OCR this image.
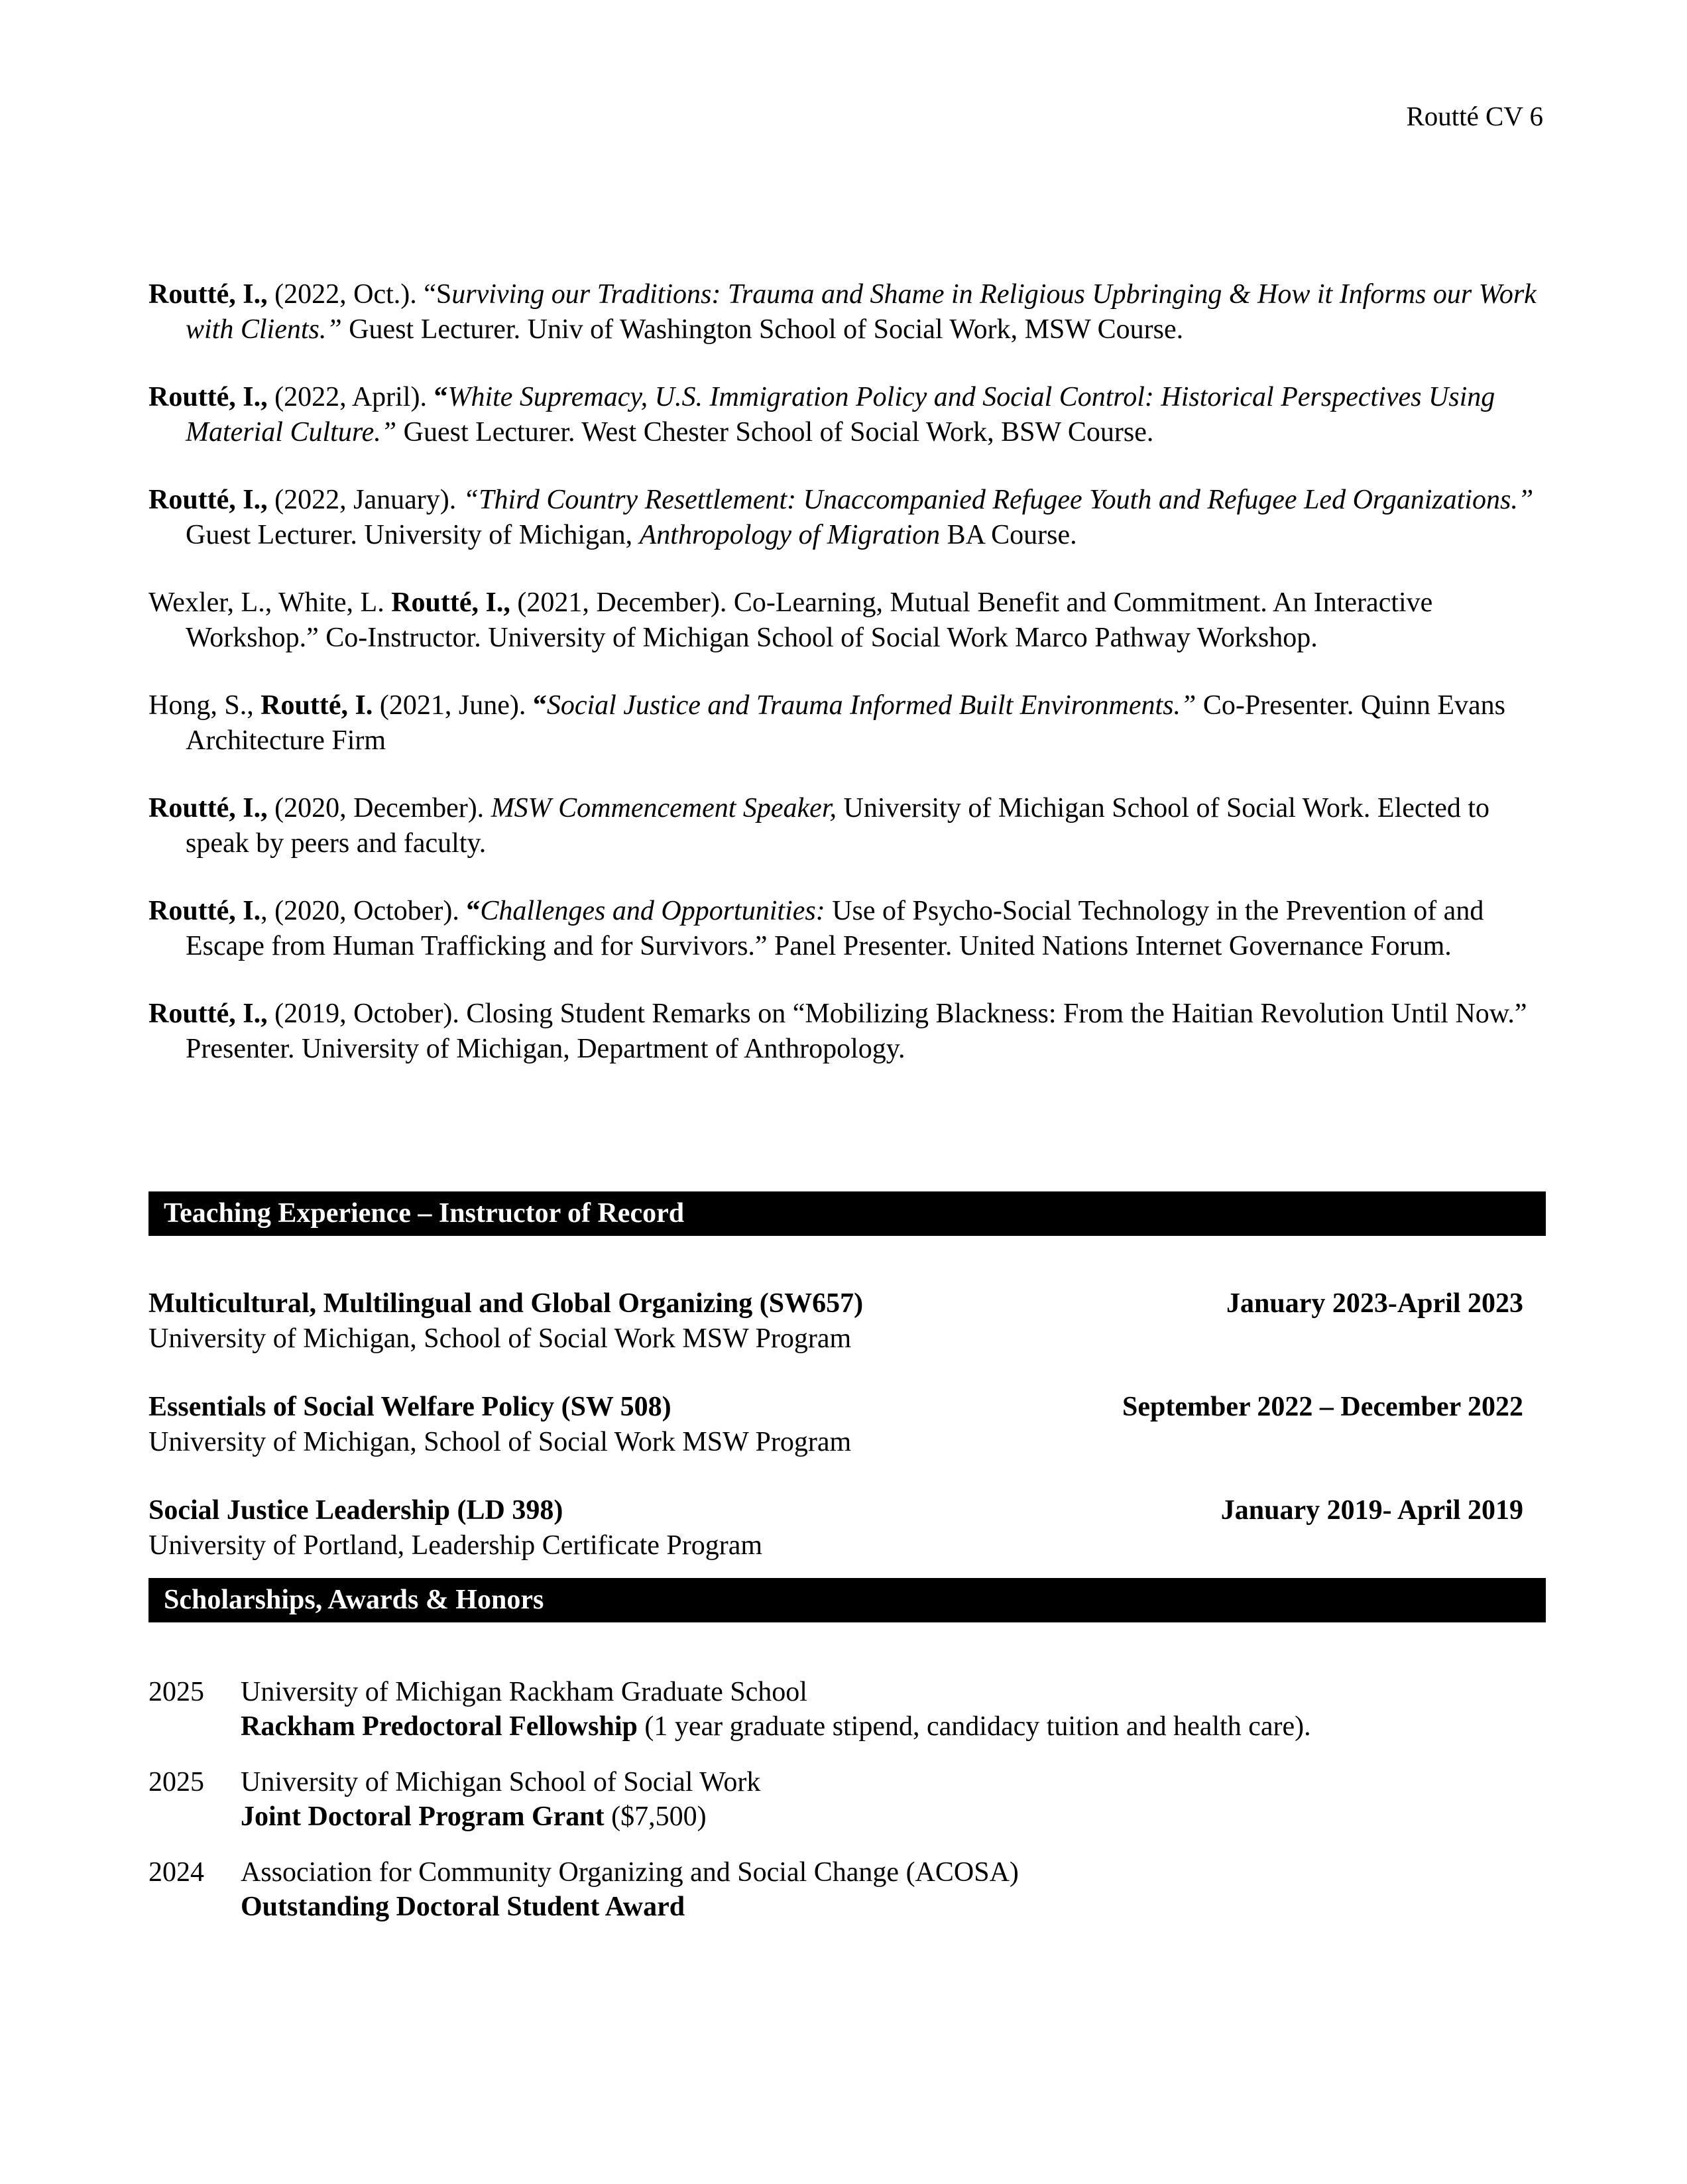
Routté CV 6

Routté, I., (2022, Oct.). “Surviving our Traditions: Trauma and Shame in Religious Upbringing & How it Informs our Work with Clients.” Guest Lecturer. Univ of Washington School of Social Work, MSW Course.

Routté, I., (2022, April). “White Supremacy, U.S. Immigration Policy and Social Control: Historical Perspectives Using Material Culture.” Guest Lecturer. West Chester School of Social Work, BSW Course.

Routté, I., (2022, January). “Third Country Resettlement: Unaccompanied Refugee Youth and Refugee Led Organizations.” Guest Lecturer. University of Michigan, Anthropology of Migration BA Course.

Wexler, L., White, L. Routté, I., (2021, December). Co-Learning, Mutual Benefit and Commitment. An Interactive Workshop.” Co-Instructor. University of Michigan School of Social Work Marco Pathway Workshop.

Hong, S., Routté, I. (2021, June). “Social Justice and Trauma Informed Built Environments.” Co-Presenter. Quinn Evans Architecture Firm

Routté, I., (2020, December). MSW Commencement Speaker, University of Michigan School of Social Work. Elected to speak by peers and faculty.

Routté, I., (2020, October). “Challenges and Opportunities: Use of Psycho-Social Technology in the Prevention of and Escape from Human Trafficking and for Survivors.” Panel Presenter. United Nations Internet Governance Forum.

Routté, I., (2019, October). Closing Student Remarks on “Mobilizing Blackness: From the Haitian Revolution Until Now.” Presenter. University of Michigan, Department of Anthropology.

Teaching Experience – Instructor of Record
Multicultural, Multilingual and Global Organizing (SW657)	January 2023-April 2023
University of Michigan, School of Social Work MSW Program
Essentials of Social Welfare Policy (SW 508)	September 2022 – December 2022
University of Michigan, School of Social Work MSW Program
Social Justice Leadership (LD 398)	January 2019- April 2019
University of Portland, Leadership Certificate Program
Scholarships, Awards & Honors
2025	University of Michigan Rackham Graduate School
Rackham Predoctoral Fellowship (1 year graduate stipend, candidacy tuition and health care).
2025	University of Michigan School of Social Work
Joint Doctoral Program Grant ($7,500)
2024	Association for Community Organizing and Social Change (ACOSA)
Outstanding Doctoral Student Award
